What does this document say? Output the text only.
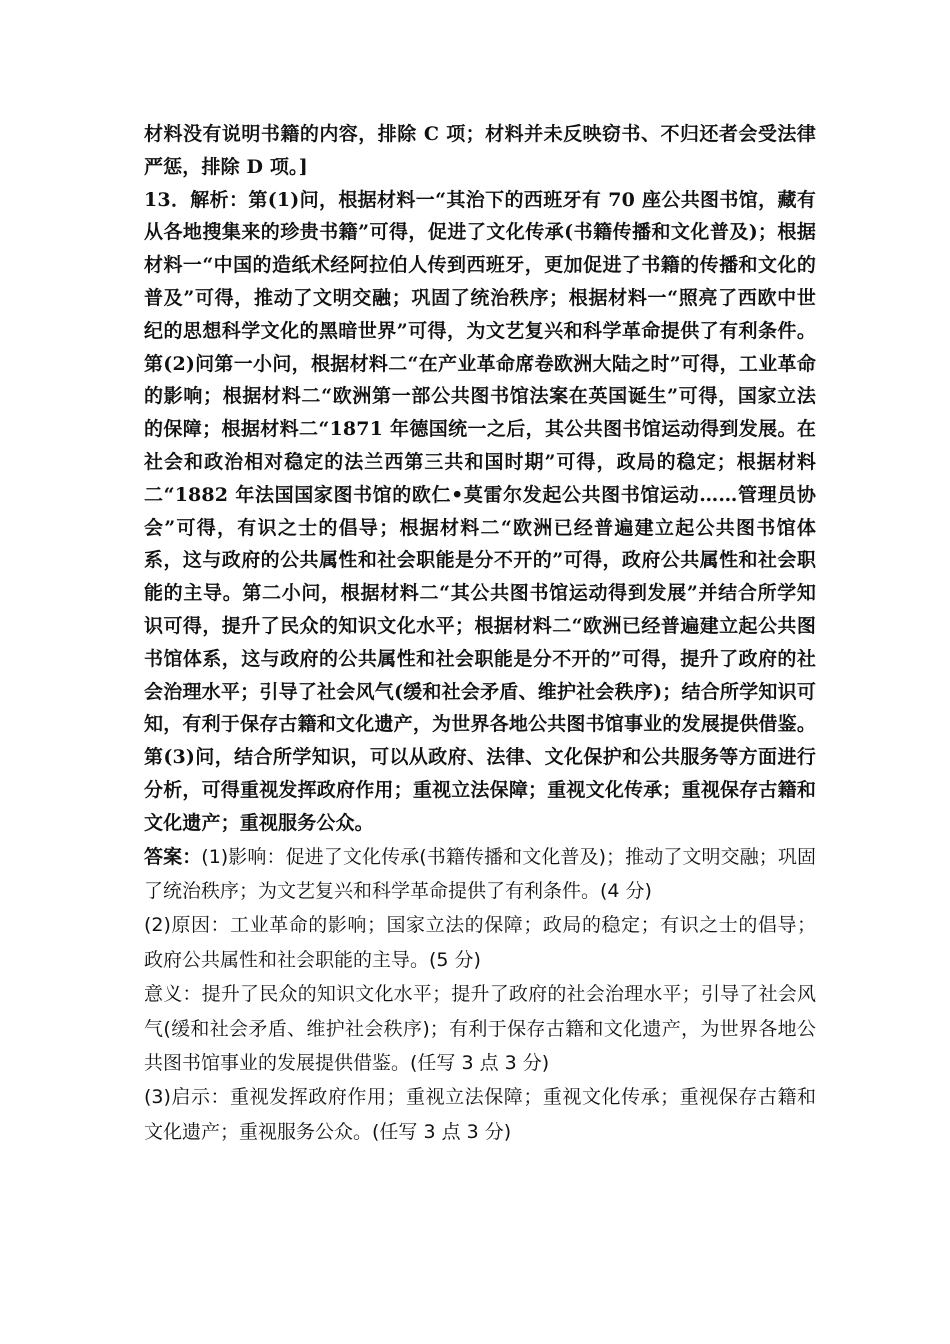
材料没有说明书籍的内容，排除 C 项；材料并未反映窃书、不归还者会受法律严惩，排除 D 项。]

13．解析：第(1)问，根据材料一“其治下的西班牙有 70 座公共图书馆，藏有从各地搜集来的珍贵书籍”可得，促进了文化传承(书籍传播和文化普及)；根据材料一“中国的造纸术经阿拉伯人传到西班牙，更加促进了书籍的传播和文化的普及”可得，推动了文明交融；巩固了统治秩序；根据材料一“照亮了西欧中世纪的思想科学文化的黑暗世界”可得，为文艺复兴和科学革命提供了有利条件。第(2)问第一小问，根据材料二“在产业革命席卷欧洲大陆之时”可得，工业革命的影响；根据材料二“欧洲第一部公共图书馆法案在英国诞生”可得，国家立法的保障；根据材料二“1871 年德国统一之后，其公共图书馆运动得到发展。在社会和政治相对稳定的法兰西第三共和国时期”可得，政局的稳定；根据材料二“1882 年法国国家图书馆的欧仁•莫雷尔发起公共图书馆运动……管理员协会”可得，有识之士的倡导；根据材料二“欧洲已经普遍建立起公共图书馆体系，这与政府的公共属性和社会职能是分不开的”可得，政府公共属性和社会职能的主导。第二小问，根据材料二“其公共图书馆运动得到发展”并结合所学知识可得，提升了民众的知识文化水平；根据材料二“欧洲已经普遍建立起公共图书馆体系，这与政府的公共属性和社会职能是分不开的”可得，提升了政府的社会治理水平；引导了社会风气(缓和社会矛盾、维护社会秩序)；结合所学知识可知，有利于保存古籍和文化遗产，为世界各地公共图书馆事业的发展提供借鉴。第(3)问，结合所学知识，可以从政府、法律、文化保护和公共服务等方面进行分析，可得重视发挥政府作用；重视立法保障；重视文化传承；重视保存古籍和文化遗产；重视服务公众。

答案：(1)影响：促进了文化传承(书籍传播和文化普及)；推动了文明交融；巩固了统治秩序；为文艺复兴和科学革命提供了有利条件。(4 分)

(2)原因：工业革命的影响；国家立法的保障；政局的稳定；有识之士的倡导；政府公共属性和社会职能的主导。(5 分)

意义：提升了民众的知识文化水平；提升了政府的社会治理水平；引导了社会风气(缓和社会矛盾、维护社会秩序)；有利于保存古籍和文化遗产，为世界各地公共图书馆事业的发展提供借鉴。(任写 3 点 3 分)

(3)启示：重视发挥政府作用；重视立法保障；重视文化传承；重视保存古籍和文化遗产；重视服务公众。(任写 3 点 3 分)
